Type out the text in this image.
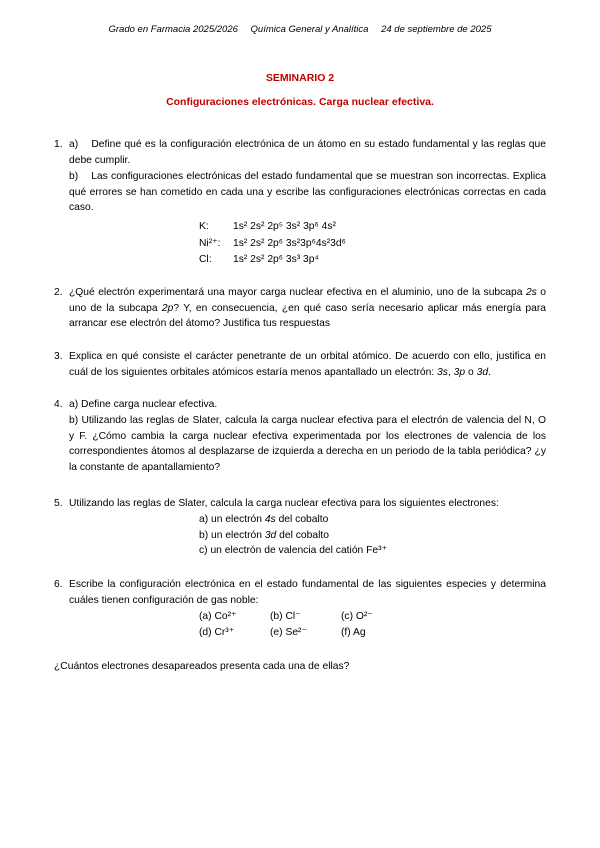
Grado en Farmacia 2025/2026 Química General y Analítica 24 de septiembre de 2025
SEMINARIO 2
Configuraciones electrónicas. Carga nuclear efectiva.
1. a) Define qué es la configuración electrónica de un átomo en su estado fundamental y las reglas que debe cumplir.
b) Las configuraciones electrónicas del estado fundamental que se muestran son incorrectas. Explica qué errores se han cometido en cada una y escribe las configuraciones electrónicas correctas en cada caso.
K: 1s² 2s² 2p⁵ 3s² 3p⁶ 4s²
Ni²⁺: 1s² 2s² 2p⁶ 3s²3p⁶4s²3d⁶
Cl: 1s² 2s² 2p⁶ 3s³ 3p⁴
2. ¿Qué electrón experimentará una mayor carga nuclear efectiva en el aluminio, uno de la subcapa 2s o uno de la subcapa 2p? Y, en consecuencia, ¿en qué caso sería necesario aplicar más energía para arrancar ese electrón del átomo? Justifica tus respuestas
3. Explica en qué consiste el carácter penetrante de un orbital atómico. De acuerdo con ello, justifica en cuál de los siguientes orbitales atómicos estaría menos apantallado un electrón: 3s, 3p o 3d.
4. a) Define carga nuclear efectiva.
b) Utilizando las reglas de Slater, calcula la carga nuclear efectiva para el electrón de valencia del N, O y F. ¿Cómo cambia la carga nuclear efectiva experimentada por los electrones de valencia de los correspondientes átomos al desplazarse de izquierda a derecha en un periodo de la tabla periódica? ¿y la constante de apantallamiento?
5. Utilizando las reglas de Slater, calcula la carga nuclear efectiva para los siguientes electrones:
a) un electrón 4s del cobalto
b) un electrón 3d del cobalto
c) un electrón de valencia del catión Fe³⁺
6. Escribe la configuración electrónica en el estado fundamental de las siguientes especies y determina cuáles tienen configuración de gas noble:
(a) Co²⁺	(b) Cl⁻	(c) O²⁻
(d) Cr³⁺	(e) Se²⁻	(f) Ag
¿Cuántos electrones desapareados presenta cada una de ellas?
